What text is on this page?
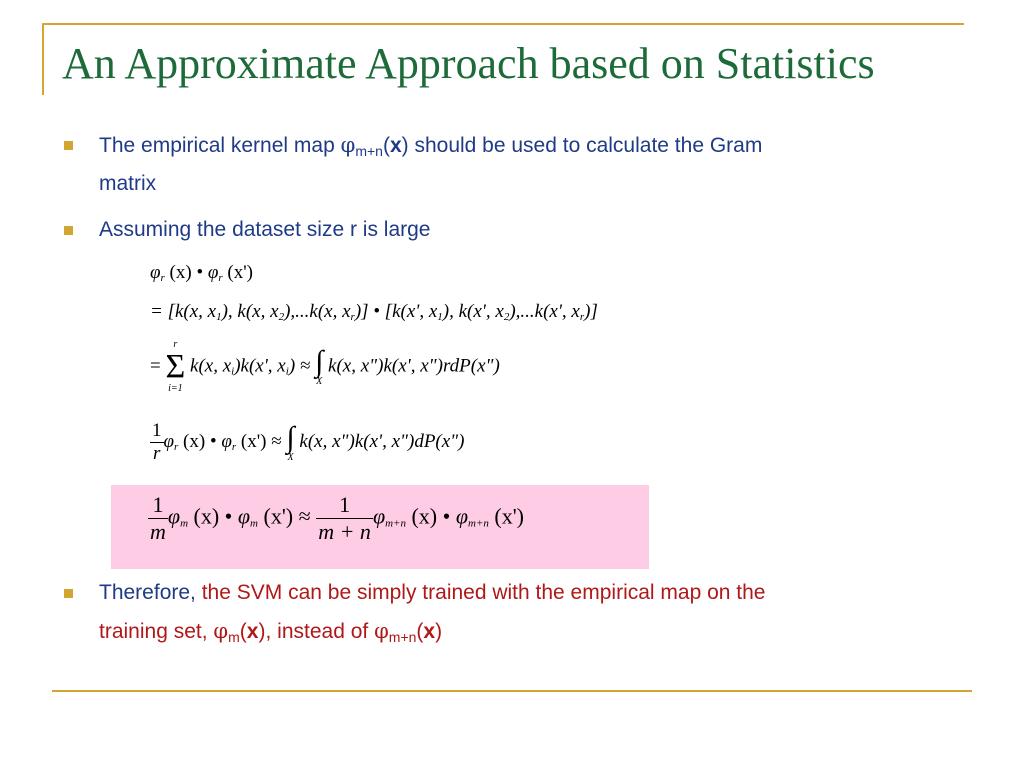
An Approximate Approach based on Statistics
The empirical kernel map $\varphi_{m+n}(x)$ should be used to calculate the Gram
matrix
Assuming the dataset size r is large
$\varphi_r$ (x) • $\varphi_r$ (x')
= [k(x, $x_1$), k(x, $x_2),...k(x$, $x_r$)] • [k(x', $x_1$), k(x', $x_2),...k(x'$, $x_r$)]
=
r
Σ
i=1
k(x, $x_i)k(x'$, $x_i$) ≈ ∫
X
k(x, x")k(x', x")rdP(x")
$\frac{1}{r} \varphi_r$ (x) • $\varphi_r$ (x') ≈ ∫
X
k(x, x")k(x', x")dP(x")
$\frac{1}{m} \varphi_m$ (x) • $\varphi_m$ $(x') \approx \frac{1}{m + n} \varphi_{m+n}$ (x) • $\varphi_{m+n}$ (x')
Therefore, the SVM can be simply trained with the empirical map on the
training set, $\varphi_m(x)$, instead of $\varphi_{m+n}(x)$
